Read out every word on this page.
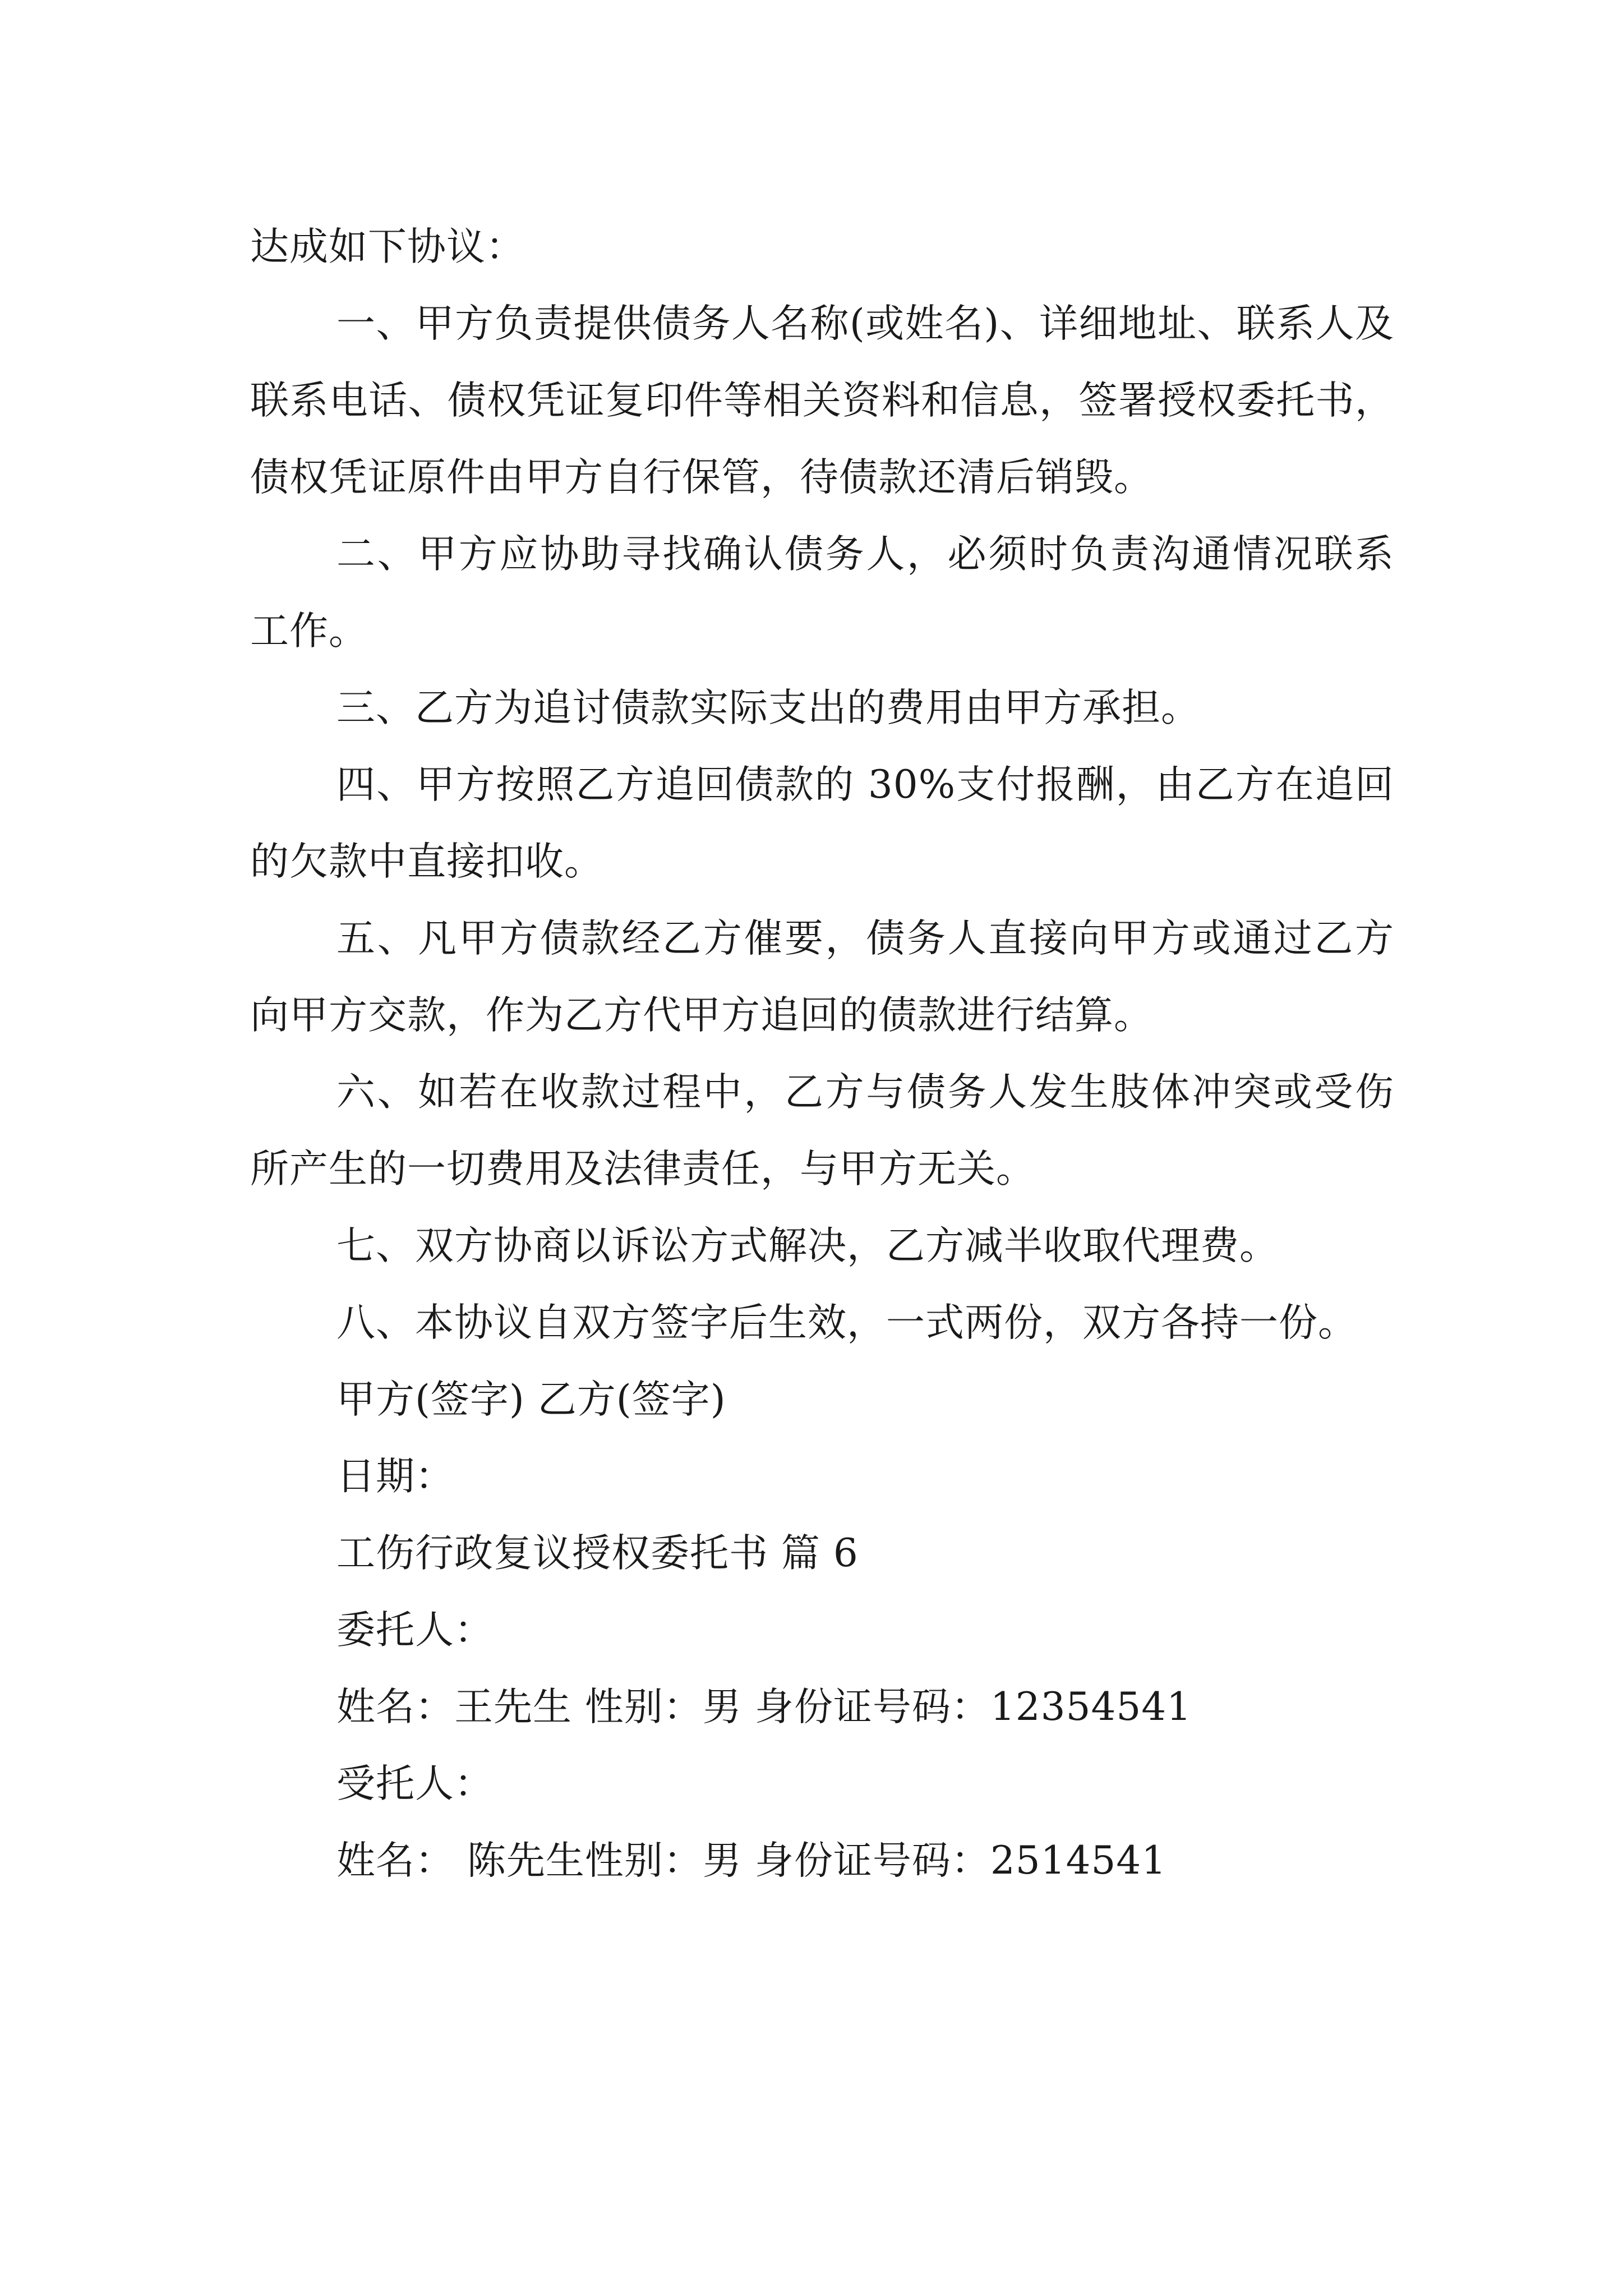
达成如下协议：

一、甲方负责提供债务人名称(或姓名)、详细地址、联系人及联系电话、债权凭证复印件等相关资料和信息，签署授权委托书，债权凭证原件由甲方自行保管，待债款还清后销毁。

二、甲方应协助寻找确认债务人，必须时负责沟通情况联系工作。

三、乙方为追讨债款实际支出的费用由甲方承担。

四、甲方按照乙方追回债款的 30%支付报酬，由乙方在追回的欠款中直接扣收。

五、凡甲方债款经乙方催要，债务人直接向甲方或通过乙方向甲方交款，作为乙方代甲方追回的债款进行结算。

六、如若在收款过程中，乙方与债务人发生肢体冲突或受伤所产生的一切费用及法律责任，与甲方无关。

七、双方协商以诉讼方式解决，乙方减半收取代理费。

八、本协议自双方签字后生效，一式两份，双方各持一份。

甲方(签字) 乙方(签字)

日期：

工伤行政复议授权委托书 篇 6

委托人：

姓名：王先生 性别：男 身份证号码：12354541

受托人：

姓名： 陈先生性别：男 身份证号码：2514541
